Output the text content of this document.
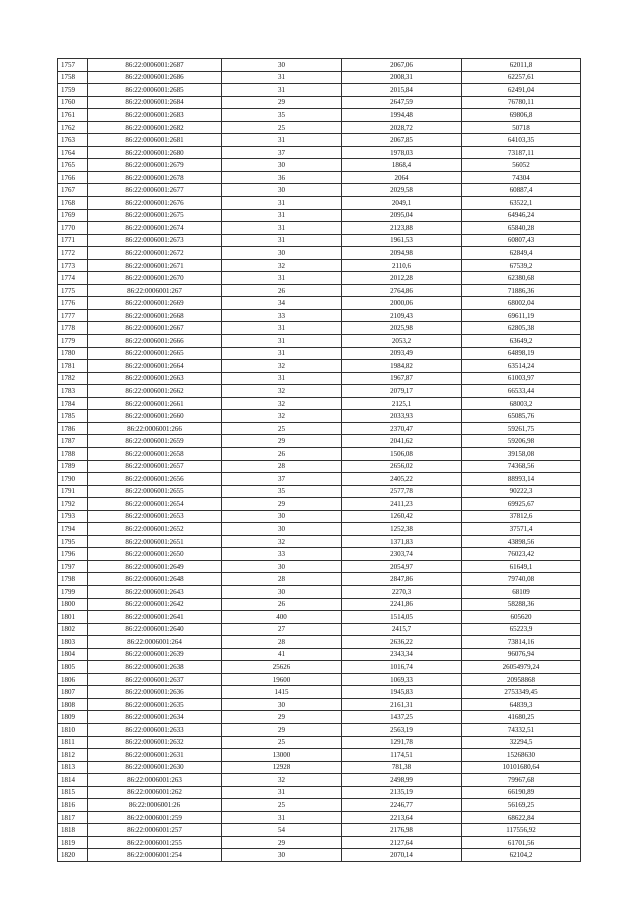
1757	86:22:0006001:2687	30	2067,06	62011,8
1758	86:22:0006001:2686	31	2008,31	62257,61
1759	86:22:0006001:2685	31	2015,84	62491,04
1760	86:22:0006001:2684	29	2647,59	76780,11
1761	86:22:0006001:2683	35	1994,48	69806,8
1762	86:22:0006001:2682	25	2028,72	50718
1763	86:22:0006001:2681	31	2067,85	64103,35
1764	86:22:0006001:2680	37	1978,03	73187,11
1765	86:22:0006001:2679	30	1868,4	56052
1766	86:22:0006001:2678	36	2064	74304
1767	86:22:0006001:2677	30	2029,58	60887,4
1768	86:22:0006001:2676	31	2049,1	63522,1
1769	86:22:0006001:2675	31	2095,04	64946,24
1770	86:22:0006001:2674	31	2123,88	65840,28
1771	86:22:0006001:2673	31	1961,53	60807,43
1772	86:22:0006001:2672	30	2094,98	62849,4
1773	86:22:0006001:2671	32	2110,6	67539,2
1774	86:22:0006001:2670	31	2012,28	62380,68
1775	86:22:0006001:267	26	2764,86	71886,36
1776	86:22:0006001:2669	34	2000,06	68002,04
1777	86:22:0006001:2668	33	2109,43	69611,19
1778	86:22:0006001:2667	31	2025,98	62805,38
1779	86:22:0006001:2666	31	2053,2	63649,2
1780	86:22:0006001:2665	31	2093,49	64898,19
1781	86:22:0006001:2664	32	1984,82	63514,24
1782	86:22:0006001:2663	31	1967,87	61003,97
1783	86:22:0006001:2662	32	2079,17	66533,44
1784	86:22:0006001:2661	32	2125,1	68003,2
1785	86:22:0006001:2660	32	2033,93	65085,76
1786	86:22:0006001:266	25	2370,47	59261,75
1787	86:22:0006001:2659	29	2041,62	59206,98
1788	86:22:0006001:2658	26	1506,08	39158,08
1789	86:22:0006001:2657	28	2656,02	74368,56
1790	86:22:0006001:2656	37	2405,22	88993,14
1791	86:22:0006001:2655	35	2577,78	90222,3
1792	86:22:0006001:2654	29	2411,23	69925,67
1793	86:22:0006001:2653	30	1260,42	37812,6
1794	86:22:0006001:2652	30	1252,38	37571,4
1795	86:22:0006001:2651	32	1371,83	43898,56
1796	86:22:0006001:2650	33	2303,74	76023,42
1797	86:22:0006001:2649	30	2054,97	61649,1
1798	86:22:0006001:2648	28	2847,86	79740,08
1799	86:22:0006001:2643	30	2270,3	68109
1800	86:22:0006001:2642	26	2241,86	58288,36
1801	86:22:0006001:2641	400	1514,05	605620
1802	86:22:0006001:2640	27	2415,7	65223,9
1803	86:22:0006001:264	28	2636,22	73814,16
1804	86:22:0006001:2639	41	2343,34	96076,94
1805	86:22:0006001:2638	25626	1016,74	26054979,24
1806	86:22:0006001:2637	19600	1069,33	20958868
1807	86:22:0006001:2636	1415	1945,83	2753349,45
1808	86:22:0006001:2635	30	2161,31	64839,3
1809	86:22:0006001:2634	29	1437,25	41680,25
1810	86:22:0006001:2633	29	2563,19	74332,51
1811	86:22:0006001:2632	25	1291,78	32294,5
1812	86:22:0006001:2631	13000	1174,51	15268630
1813	86:22:0006001:2630	12928	781,38	10101680,64
1814	86:22:0006001:263	32	2498,99	79967,68
1815	86:22:0006001:262	31	2135,19	66190,89
1816	86:22:0006001:26	25	2246,77	56169,25
1817	86:22:0006001:259	31	2213,64	68622,84
1818	86:22:0006001:257	54	2176,98	117556,92
1819	86:22:0006001:255	29	2127,64	61701,56
1820	86:22:0006001:254	30	2070,14	62104,2
